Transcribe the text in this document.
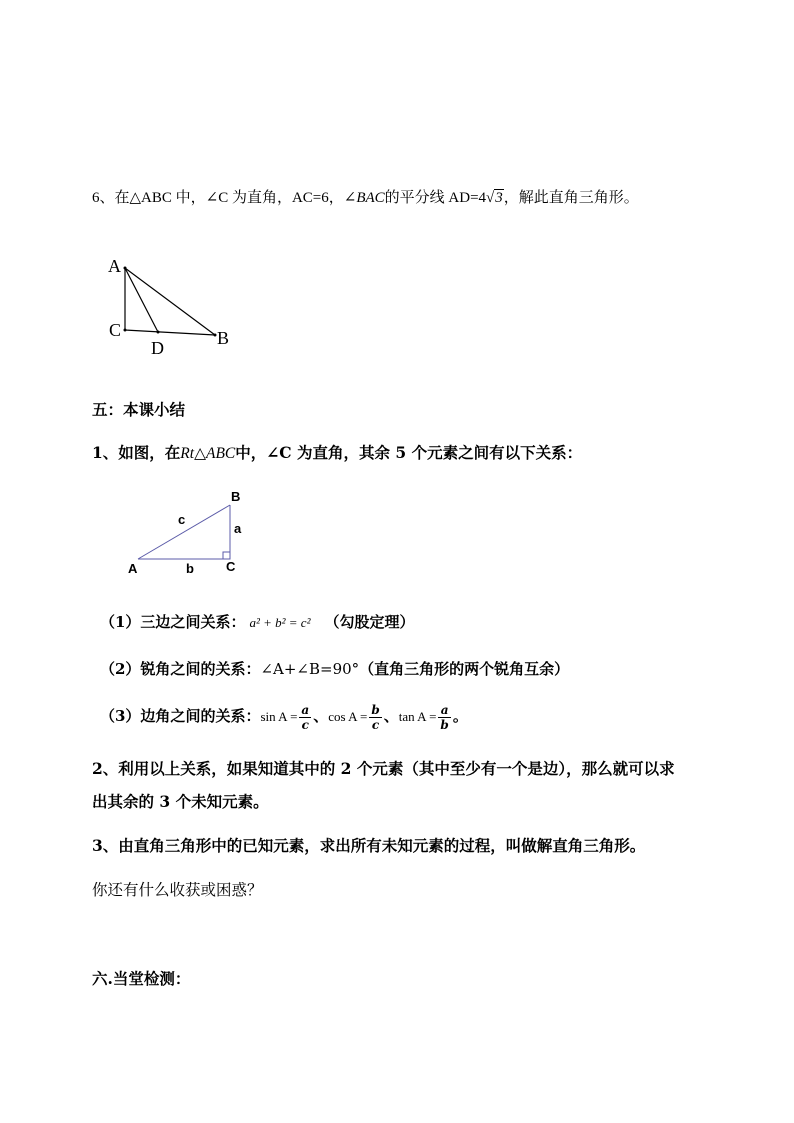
6、在△ABC 中，∠C 为直角，AC=6，∠BAC的平分线 AD=4√3，解此直角三角形。
A
C
D	B
五：本课小结
1、如图，在Rt△ABC中，∠C 为直角，其余 5 个元素之间有以下关系：
A
B
C
a
b
c
（1）三边之间关系： a² + b² = c² （勾股定理）
（2）锐角之间的关系：∠A+∠B=90°（直角三角形的两个锐角互余）
（3）边角之间的关系：$\sin A = \frac{a}{c}$ 、$\cos A = \frac{b}{c}$ 、$\tan A = \frac{a}{b}$ 。
2、利用以上关系，如果知道其中的 2 个元素（其中至少有一个是边），那么就可以求
出其余的 3 个未知元素。
3、由直角三角形中的已知元素，求出所有未知元素的过程，叫做解直角三角形。
你还有什么收获或困惑？
六.当堂检测：
